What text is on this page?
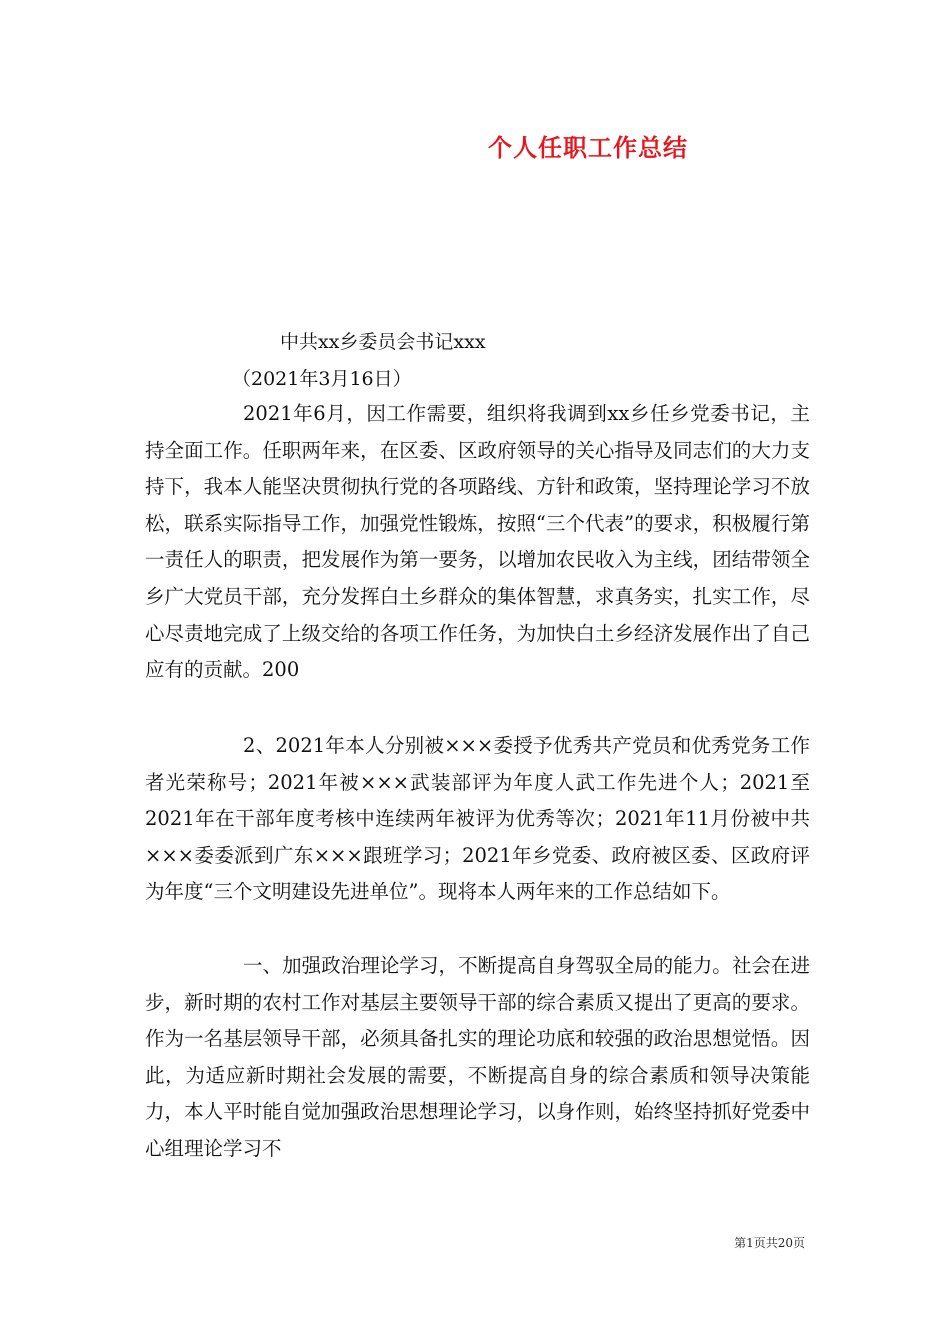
个人任职工作总结
中共xx乡委员会书记xxx
（2021年3月16日）

2021年6月，因工作需要，组织将我调到xx乡任乡党委书记，主持全面工作。任职两年来，在区委、区政府领导的关心指导及同志们的大力支持下，我本人能坚决贯彻执行党的各项路线、方针和政策，坚持理论学习不放松，联系实际指导工作，加强党性锻炼，按照“三个代表”的要求，积极履行第一责任人的职责，把发展作为第一要务，以增加农民收入为主线，团结带领全乡广大党员干部，充分发挥白土乡群众的集体智慧，求真务实，扎实工作，尽心尽责地完成了上级交给的各项工作任务，为加快白土乡经济发展作出了自己应有的贡献。200

2、2021年本人分别被×××委授予优秀共产党员和优秀党务工作者光荣称号；2021年被×××武装部评为年度人武工作先进个人；2021至2021年在干部年度考核中连续两年被评为优秀等次；2021年11月份被中共×××委委派到广东×××跟班学习；2021年乡党委、政府被区委、区政府评为年度“三个文明建设先进单位”。现将本人两年来的工作总结如下。

一、加强政治理论学习，不断提高自身驾驭全局的能力。社会在进步，新时期的农村工作对基层主要领导干部的综合素质又提出了更高的要求。作为一名基层领导干部，必须具备扎实的理论功底和较强的政治思想觉悟。因此，为适应新时期社会发展的需要，不断提高自身的综合素质和领导决策能力，本人平时能自觉加强政治思想理论学习，以身作则，始终坚持抓好党委中心组理论学习不

第1页共20页
